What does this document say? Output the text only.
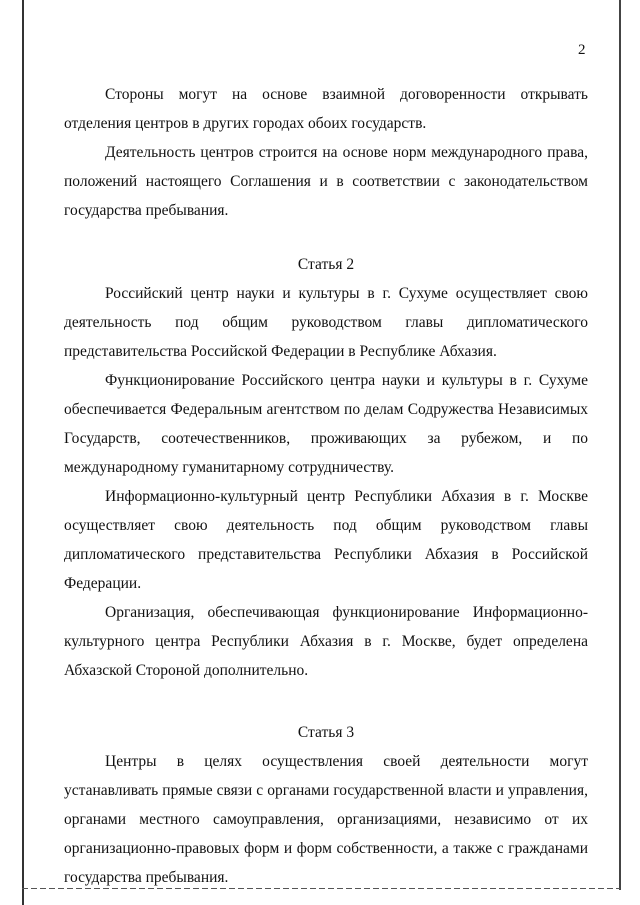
2

Стороны могут на основе взаимной договоренности открывать отделения центров в других городах обоих государств.

Деятельность центров строится на основе норм международного права, положений настоящего Соглашения и в соответствии с законодательством государства пребывания.

Статья 2

Российский центр науки и культуры в г. Сухуме осуществляет свою деятельность под общим руководством главы дипломатического представительства Российской Федерации в Республике Абхазия.

Функционирование Российского центра науки и культуры в г. Сухуме обеспечивается Федеральным агентством по делам Содружества Независимых Государств, соотечественников, проживающих за рубежом, и по международному гуманитарному сотрудничеству.

Информационно-культурный центр Республики Абхазия в г. Москве осуществляет свою деятельность под общим руководством главы дипломатического представительства Республики Абхазия в Российской Федерации.

Организация, обеспечивающая функционирование Информационно-культурного центра Республики Абхазия в г. Москве, будет определена Абхазской Стороной дополнительно.

Статья 3

Центры в целях осуществления своей деятельности могут устанавливать прямые связи с органами государственной власти и управления, органами местного самоуправления, организациями, независимо от их организационно-правовых форм и форм собственности, а также с гражданами государства пребывания.
